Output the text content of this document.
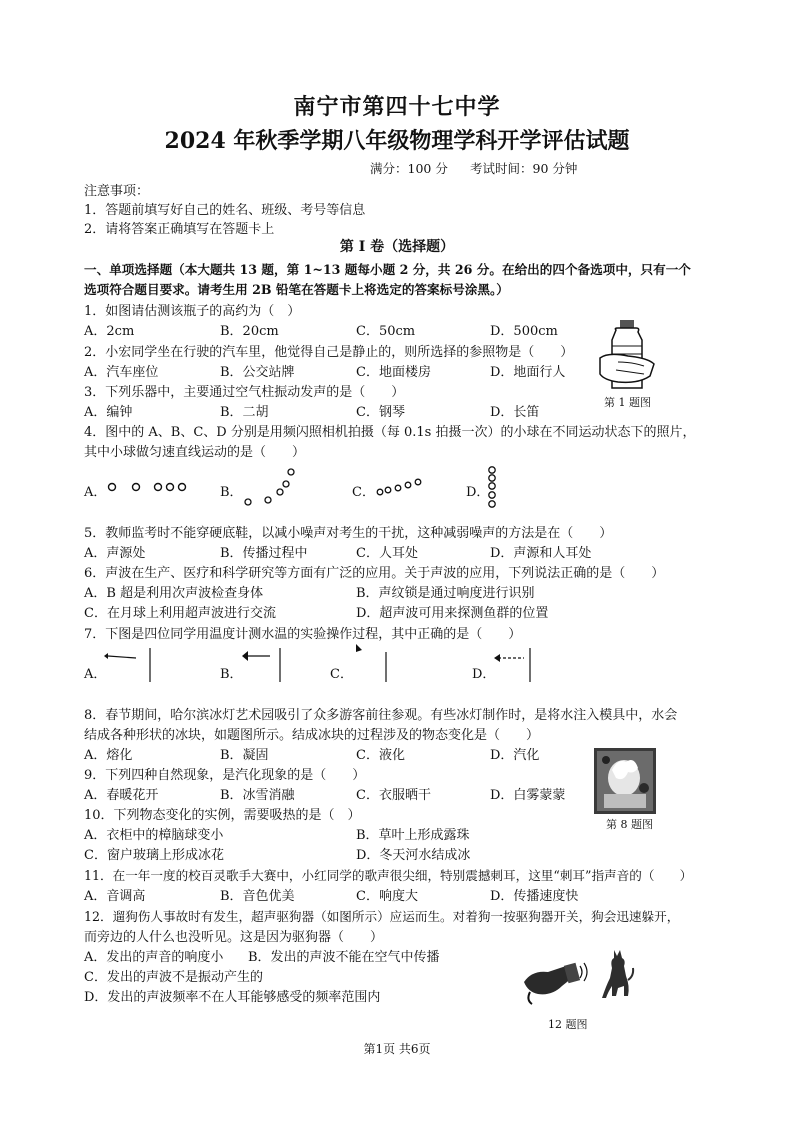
南宁市第四十七中学
2024 年秋季学期八年级物理学科开学评估试题
满分：100 分 考试时间：90 分钟
注意事项：
1．答题前填写好自己的姓名、班级、考号等信息
2．请将答案正确填写在答题卡上
第 I 卷（选择题）
一、单项选择题（本大题共 13 题，第 1~13 题每小题 2 分，共 26 分。在给出的四个备选项中，只有一个
选项符合题目要求。请考生用 2B 铅笔在答题卡上将选定的答案标号涂黑。）
1．如图请估测该瓶子的高约为（　）
A．2cm	B．20cm	C．50cm	D．500cm
第 1 题图
2．小宏同学坐在行驶的汽车里，他觉得自己是静止的，则所选择的参照物是（　　）
A．汽车座位	B．公交站牌	C．地面楼房	D．地面行人
3．下列乐器中，主要通过空气柱振动发声的是（　　）
A．编钟	B．二胡	C．钢琴	D．长笛
4．图中的 A、B、C、D 分别是用频闪照相机拍摄（每 0.1s 拍摄一次）的小球在不同运动状态下的照片，
其中小球做匀速直线运动的是（　　）
A．	B．	C．	D．
5．教师监考时不能穿硬底鞋，以减小噪声对考生的干扰，这种减弱噪声的方法是在（　　）
A．声源处	B．传播过程中	C．人耳处	D．声源和人耳处
6．声波在生产、医疗和科学研究等方面有广泛的应用。关于声波的应用，下列说法正确的是（　　）
A．B 超是利用次声波检查身体	B．声纹锁是通过响度进行识别
C．在月球上利用超声波进行交流	D．超声波可用来探测鱼群的位置
7．下图是四位同学用温度计测水温的实验操作过程，其中正确的是（　　）
A．	B．	C．	D．
8．春节期间，哈尔滨冰灯艺术园吸引了众多游客前往参观。有些冰灯制作时，是将水注入模具中，水会
结成各种形状的冰块，如题图所示。结成冰块的过程涉及的物态变化是（　　）
A．熔化	B．凝固	C．液化	D．汽化
第 8 题图
9．下列四种自然现象，是汽化现象的是（　　）
A．春暖花开	B．冰雪消融	C．衣服晒干	D．白雾蒙蒙
10．下列物态变化的实例，需要吸热的是（　）
A．衣柜中的樟脑球变小	B．草叶上形成露珠
C．窗户玻璃上形成冰花	D．冬天河水结成冰
11．在一年一度的校百灵歌手大赛中，小红同学的歌声很尖细，特别震撼刺耳，这里“刺耳”指声音的（　　）
A．音调高	B．音色优美	C．响度大	D．传播速度快
12．遛狗伤人事故时有发生，超声驱狗器（如图所示）应运而生。对着狗一按驱狗器开关，狗会迅速躲开，
而旁边的人什么也没听见。这是因为驱狗器（　　）
A．发出的声音的响度小 B．发出的声波不能在空气中传播
C．发出的声波不是振动产生的
D．发出的声波频率不在人耳能够感受的频率范围内
12 题图
第1页 共6页
